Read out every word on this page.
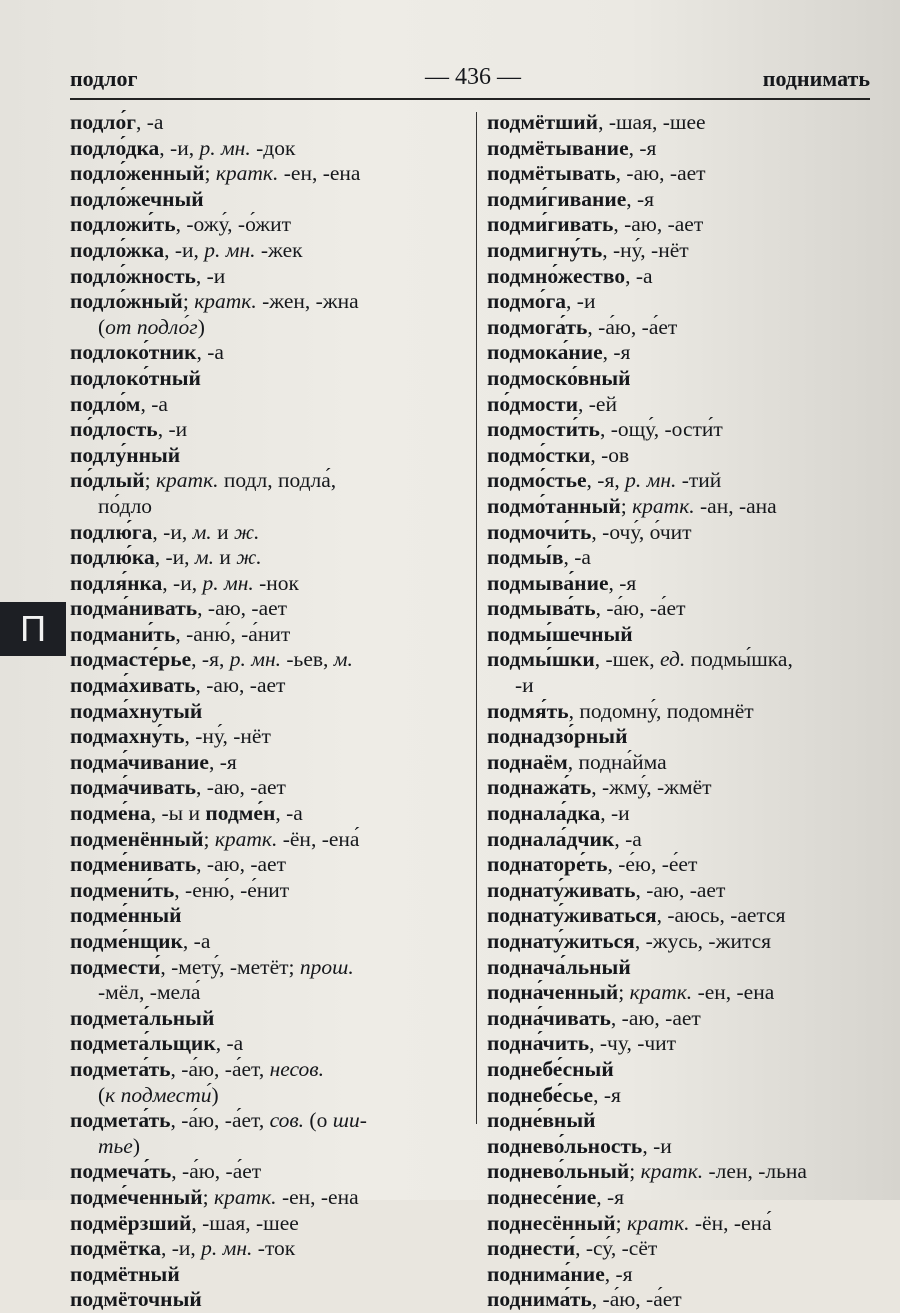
подлог	— 436 —	поднимать
подло́г, -а
подло́дка, -и, р. мн. -док
подло́женный; кратк. -ен, -ена
подло́жечный
подложи́ть, -ожу́, -о́жит
подло́жка, -и, р. мн. -жек
подло́жность, -и
подло́жный; кратк. -жен, -жна
(от подло́г)
подлоко́тник, -а
подлоко́тный
подло́м, -а
по́длость, -и
подлу́нный
по́длый; кратк. подл, подла́,
по́дло
подлю́га, -и, м. и ж.
подлю́ка, -и, м. и ж.
подля́нка, -и, р. мн. -нок
подма́нивать, -аю, -ает
подмани́ть, -аню́, -а́нит
подмасте́рье, -я, р. мн. -ьев, м.
подма́хивать, -аю, -ает
подма́хнутый
подмахну́ть, -ну́, -нёт
подма́чивание, -я
подма́чивать, -аю, -ает
подме́на, -ы и подме́н, -а
подменённый; кратк. -ён, -ена́
подме́нивать, -аю, -ает
подмени́ть, -еню́, -е́нит
подме́нный
подме́нщик, -а
подмести́, -мету́, -метёт; прош.
-мёл, -мела́
подмета́льный
подмета́льщик, -а
подмета́ть, -а́ю, -а́ет, несов.
(к подмести́)
подмета́ть, -а́ю, -а́ет, сов. (о ши-
тье)
подмеча́ть, -а́ю, -а́ет
подме́ченный; кратк. -ен, -ена
подмёрзший, -шая, -шее
подмётка, -и, р. мн. -ток
подмётный
подмёточный
подмётший, -шая, -шее
подмётывание, -я
подмётывать, -аю, -ает
подми́гивание, -я
подми́гивать, -аю, -ает
подмигну́ть, -ну́, -нёт
подмно́жество, -а
подмо́га, -и
подмога́ть, -а́ю, -а́ет
подмока́ние, -я
подмоско́вный
по́дмости, -ей
подмости́ть, -ощу́, -ости́т
подмо́стки, -ов
подмо́стье, -я, р. мн. -тий
подмо́танный; кратк. -ан, -ана
подмочи́ть, -очу́, о́чит
подмы́в, -а
подмыва́ние, -я
подмыва́ть, -а́ю, -а́ет
подмы́шечный
подмы́шки, -шек, ед. подмы́шка,
-и
подмя́ть, подомну́, подомнёт
поднадзо́рный
поднаём, подна́йма
поднажа́ть, -жму́, -жмёт
поднала́дка, -и
поднала́дчик, -а
поднаторе́ть, -е́ю, -е́ет
поднату́живать, -аю, -ает
поднату́живаться, -аюсь, -ается
поднату́житься, -жусь, -жится
поднача́льный
подна́ченный; кратк. -ен, -ена
подна́чивать, -аю, -ает
подна́чить, -чу, -чит
поднебе́сный
поднебе́сье, -я
подне́вный
поднево́льность, -и
поднево́льный; кратк. -лен, -льна
поднесе́ние, -я
поднесённый; кратк. -ён, -ена́
поднести́, -су́, -сёт
поднима́ние, -я
поднима́ть, -а́ю, -а́ет
П
